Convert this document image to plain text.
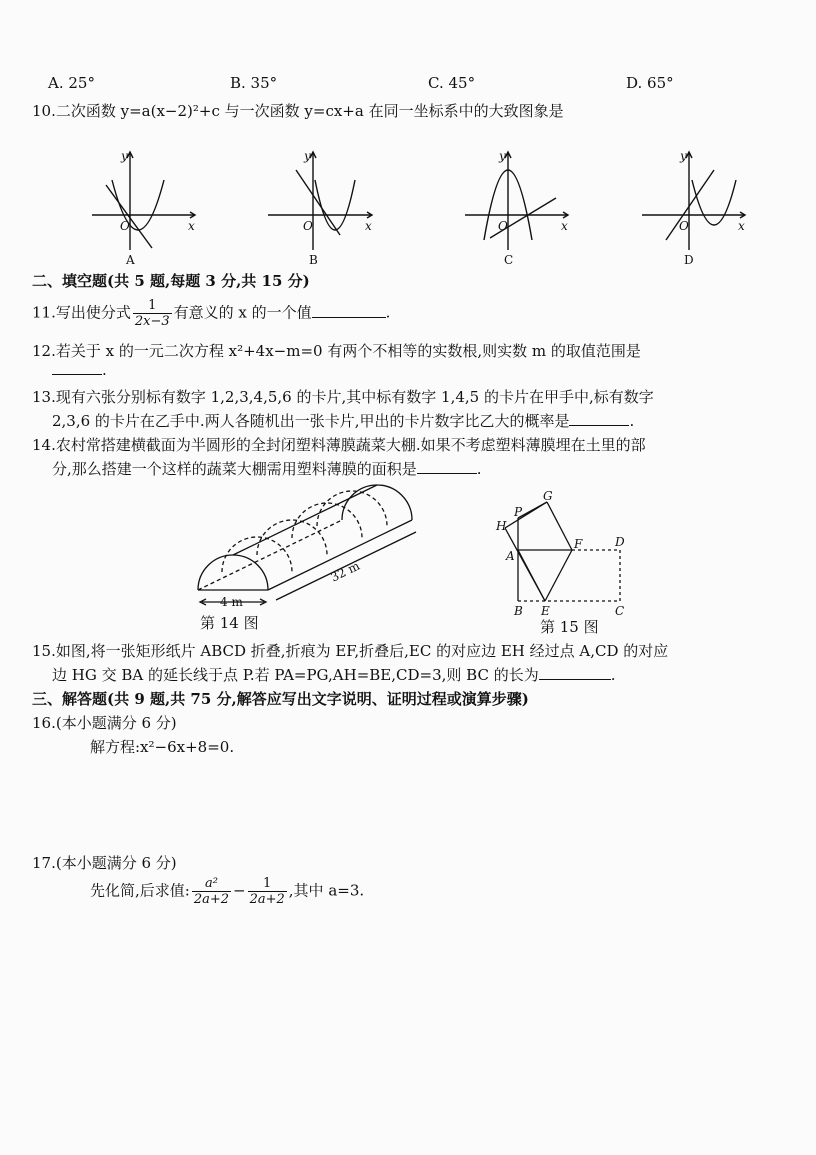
A. 25°	B. 35°	C. 45°	D. 65°
10.二次函数 y=a(x−2)²+c 与一次函数 y=cx+a 在同一坐标系中的大致图象是
y
x
O
y
x
O
y
x
O
y
x
O
A	B	C	D
二、填空题(共 5 题,每题 3 分,共 15 分)
11.写出使分式 $\frac{1}{2x-3}$ 有意义的 x 的一个值	.
12.若关于 x 的一元二次方程 x²+4x−m=0 有两个不相等的实数根,则实数 m 的取值范围是
.
13.现有六张分别标有数字 1,2,3,4,5,6 的卡片,其中标有数字 1,4,5 的卡片在甲手中,标有数字
2,3,6 的卡片在乙手中.两人各随机出一张卡片,甲出的卡片数字比乙大的概率是	.
14.农村常搭建横截面为半圆形的全封闭塑料薄膜蔬菜大棚.如果不考虑塑料薄膜埋在土里的部
分,那么搭建一个这样的蔬菜大棚需用塑料薄膜的面积是	.
4 m
32 m
第 14 图
G
P
H
A
F	D
B E	C
第 15 图
15.如图,将一张矩形纸片 ABCD 折叠,折痕为 EF,折叠后,EC 的对应边 EH 经过点 A,CD 的对应
边 HG 交 BA 的延长线于点 P.若 PA=PG,AH=BE,CD=3,则 BC 的长为	.
三、解答题(共 9 题,共 75 分,解答应写出文字说明、证明过程或演算步骤)
16.(本小题满分 6 分)
解方程:x²−6x+8=0.
17.(本小题满分 6 分)
先化简,后求值: $\frac{\text{a²}}{2a+2} - \frac{1}{2a+2}$ ,其中 a=3.
